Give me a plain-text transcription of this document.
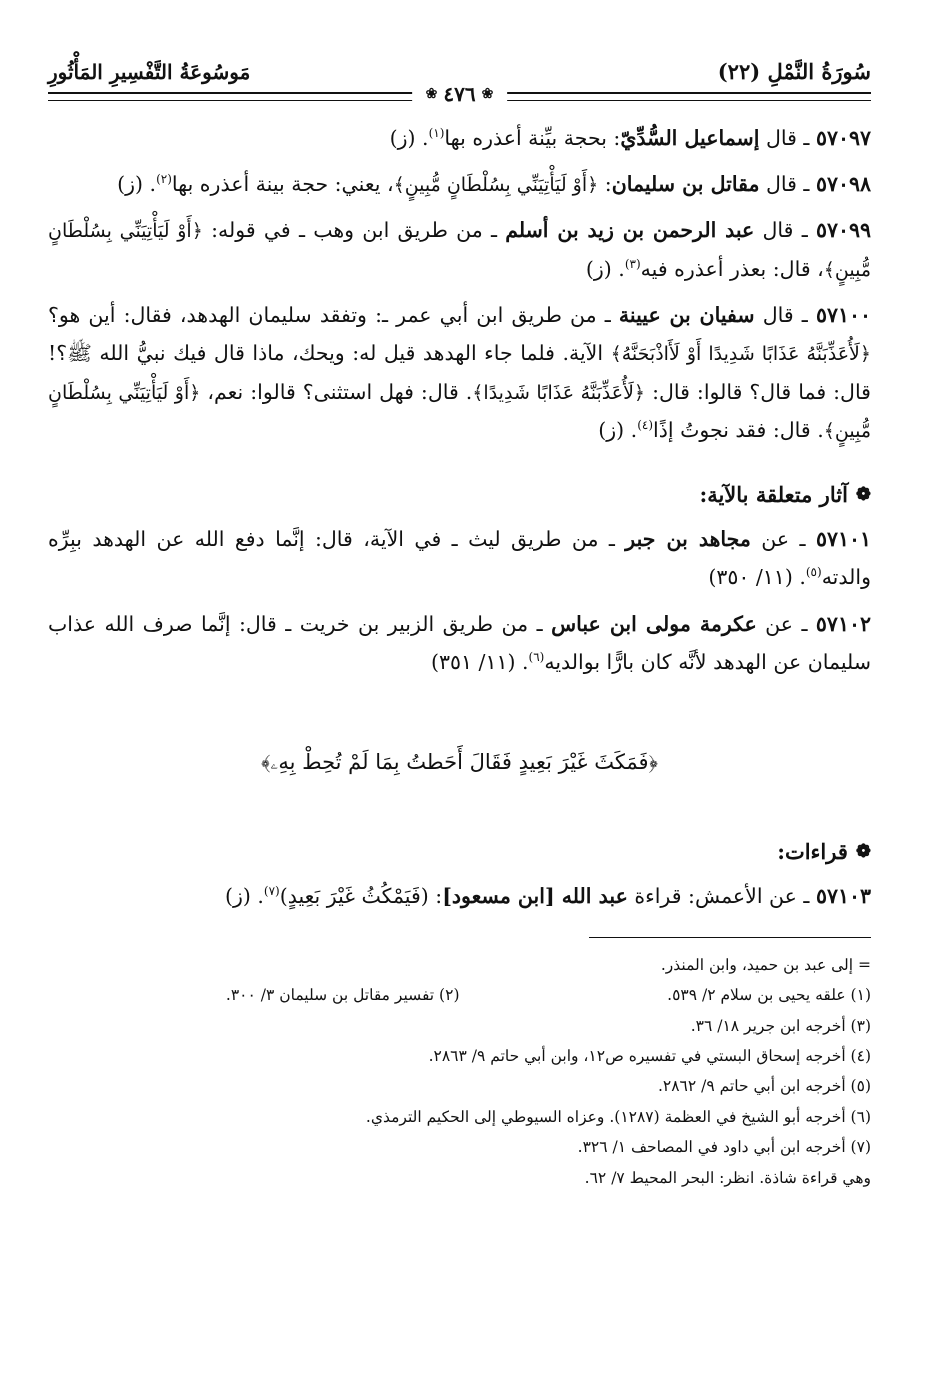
سُورَةُ النَّمْلِ (٢٢)
مَوسُوعَةُ التَّفْسِيرِ المَأْثُورِ
❀
٤٧٦
❀

٥٧٠٩٧ ـ قال إسماعيل السُّدِّيّ: بحجة بيِّنة أعذره بها$^{(١)}$. (ز)

٥٧٠٩٨ ـ قال مقاتل بن سليمان: ﴿أَوْ لَيَأْتِيَنِّي بِسُلْطَانٍ مُّبِينٍ﴾، يعني: حجة بينة أعذره بها$^{(٢)}$. (ز)

٥٧٠٩٩ ـ قال عبد الرحمن بن زيد بن أسلم ـ من طريق ابن وهب ـ في قوله: ﴿أَوْ لَيَأْتِيَنِّي بِسُلْطَانٍ مُّبِينٍ﴾، قال: بعذر أعذره فيه$^{(٣)}$. (ز)

٥٧١٠٠ ـ قال سفيان بن عيينة ـ من طريق ابن أبي عمر ـ: وتفقد سليمان الهدهد، فقال: أين هو؟ ﴿لَأُعَذِّبَنَّهُ عَذَابًا شَدِيدًا أَوْ لَأَاذْبَحَنَّهُ﴾ الآية. فلما جاء الهدهد قيل له: ويحك، ماذا قال فيك نبيُّ الله ﷺ؟! قال: فما قال؟ قالوا: قال: ﴿لَأُعَذِّبَنَّهُ عَذَابًا شَدِيدًا﴾. قال: فهل استثنى؟ قالوا: نعم، ﴿أَوْ لَيَأْتِيَنِّي بِسُلْطَانٍ مُّبِينٍ﴾. قال: فقد نجوتُ إذًا$^{(٤)}$. (ز)

❁
آثار متعلقة بالآية:

٥٧١٠١ ـ عن مجاهد بن جبر ـ من طريق ليث ـ في الآية، قال: إنَّما دفع الله عن الهدهد ببِرِّه والدته$^{(٥)}$. (١١/ ٣٥٠)

٥٧١٠٢ ـ عن عكرمة مولى ابن عباس ـ من طريق الزبير بن خريت ـ قال: إنَّما صرف الله عذاب سليمان عن الهدهد لأنَّه كان بارًّا بوالديه$^{(٦)}$. (١١/ ٣٥١)

﴿فَمَكَثَ غَيْرَ بَعِيدٍ فَقَالَ أَحَطتُ بِمَا لَمْ تُحِطْ بِهِۦ﴾
❁
قراءات:

٥٧١٠٣ ـ عن الأعمش: قراءة عبد الله [ابن مسعود]: (فَيَمْكُثُ غَيْرَ بَعِيدٍ)$^{(٧)}$. (ز)

= إلى عبد بن حميد، وابن المنذر.
(١) علقه يحيى بن سلام ٢/ ٥٣٩.
(٢) تفسير مقاتل بن سليمان ٣/ ٣٠٠.
(٣) أخرجه ابن جرير ١٨/ ٣٦.
(٤) أخرجه إسحاق البستي في تفسيره ص١٢، وابن أبي حاتم ٩/ ٢٨٦٣.
(٥) أخرجه ابن أبي حاتم ٩/ ٢٨٦٢.
(٦) أخرجه أبو الشيخ في العظمة (١٢٨٧). وعزاه السيوطي إلى الحكيم الترمذي.
(٧) أخرجه ابن أبي داود في المصاحف ١/ ٣٢٦.
وهي قراءة شاذة. انظر: البحر المحيط ٧/ ٦٢.
